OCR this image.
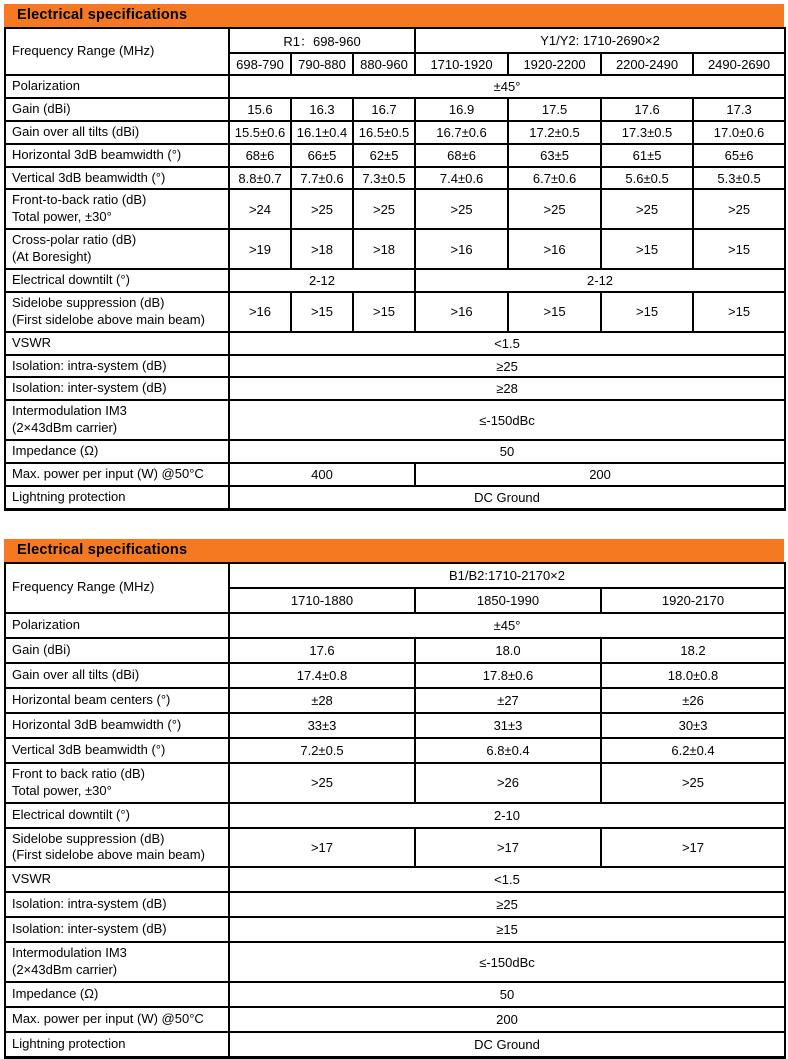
Electrical specifications
Frequency Range (MHz)	R1：698-960			Y1/Y2: 1710-2690×2			
	698-790	790-880	880-960	1710-1920	1920-2200	2200-2490	2490-2690
Polarization	±45°						
Gain (dBi)	15.6	16.3	16.7	16.9	17.5	17.6	17.3
Gain over all tilts (dBi)	15.5±0.6	16.1±0.4	16.5±0.5	16.7±0.6	17.2±0.5	17.3±0.5	17.0±0.6
Horizontal 3dB beamwidth (°)	68±6	66±5	62±5	68±6	63±5	61±5	65±6
Vertical 3dB beamwidth (°)	8.8±0.7	7.7±0.6	7.3±0.5	7.4±0.6	6.7±0.6	5.6±0.5	5.3±0.5
Front-to-back ratio (dB)
Total power, ±30°	>24	>25	>25	>25	>25	>25	>25
Cross-polar ratio (dB)
(At Boresight)	>19	>18	>18	>16	>16	>15	>15
Electrical downtilt (°)	2-12			2-12			
Sidelobe suppression (dB)
(First sidelobe above main beam)	>16	>15	>15	>16	>15	>15	>15
VSWR	<1.5						
Isolation: intra-system (dB)	≥25						
Isolation: inter-system (dB)	≥28						
Intermodulation IM3
(2×43dBm carrier)	≤-150dBc						
Impedance (Ω)	50						
Max. power per input (W) @50°C	400			200			
Lightning protection	DC Ground						
Electrical specifications
Frequency Range (MHz)	B1/B2:1710-2170×2		
	1710-1880	1850-1990	1920-2170
Polarization	±45°		
Gain (dBi)	17.6	18.0	18.2
Gain over all tilts (dBi)	17.4±0.8	17.8±0.6	18.0±0.8
Horizontal beam centers (°)	±28	±27	±26
Horizontal 3dB beamwidth (°)	33±3	31±3	30±3
Vertical 3dB beamwidth (°)	7.2±0.5	6.8±0.4	6.2±0.4
Front to back ratio (dB)
Total power, ±30°	>25	>26	>25
Electrical downtilt (°)	2-10		
Sidelobe suppression (dB)
(First sidelobe above main beam)	>17	>17	>17
VSWR	<1.5		
Isolation: intra-system (dB)	≥25		
Isolation: inter-system (dB)	≥15		
Intermodulation IM3
(2×43dBm carrier)	≤-150dBc		
Impedance (Ω)	50		
Max. power per input (W) @50°C	200		
Lightning protection	DC Ground		
